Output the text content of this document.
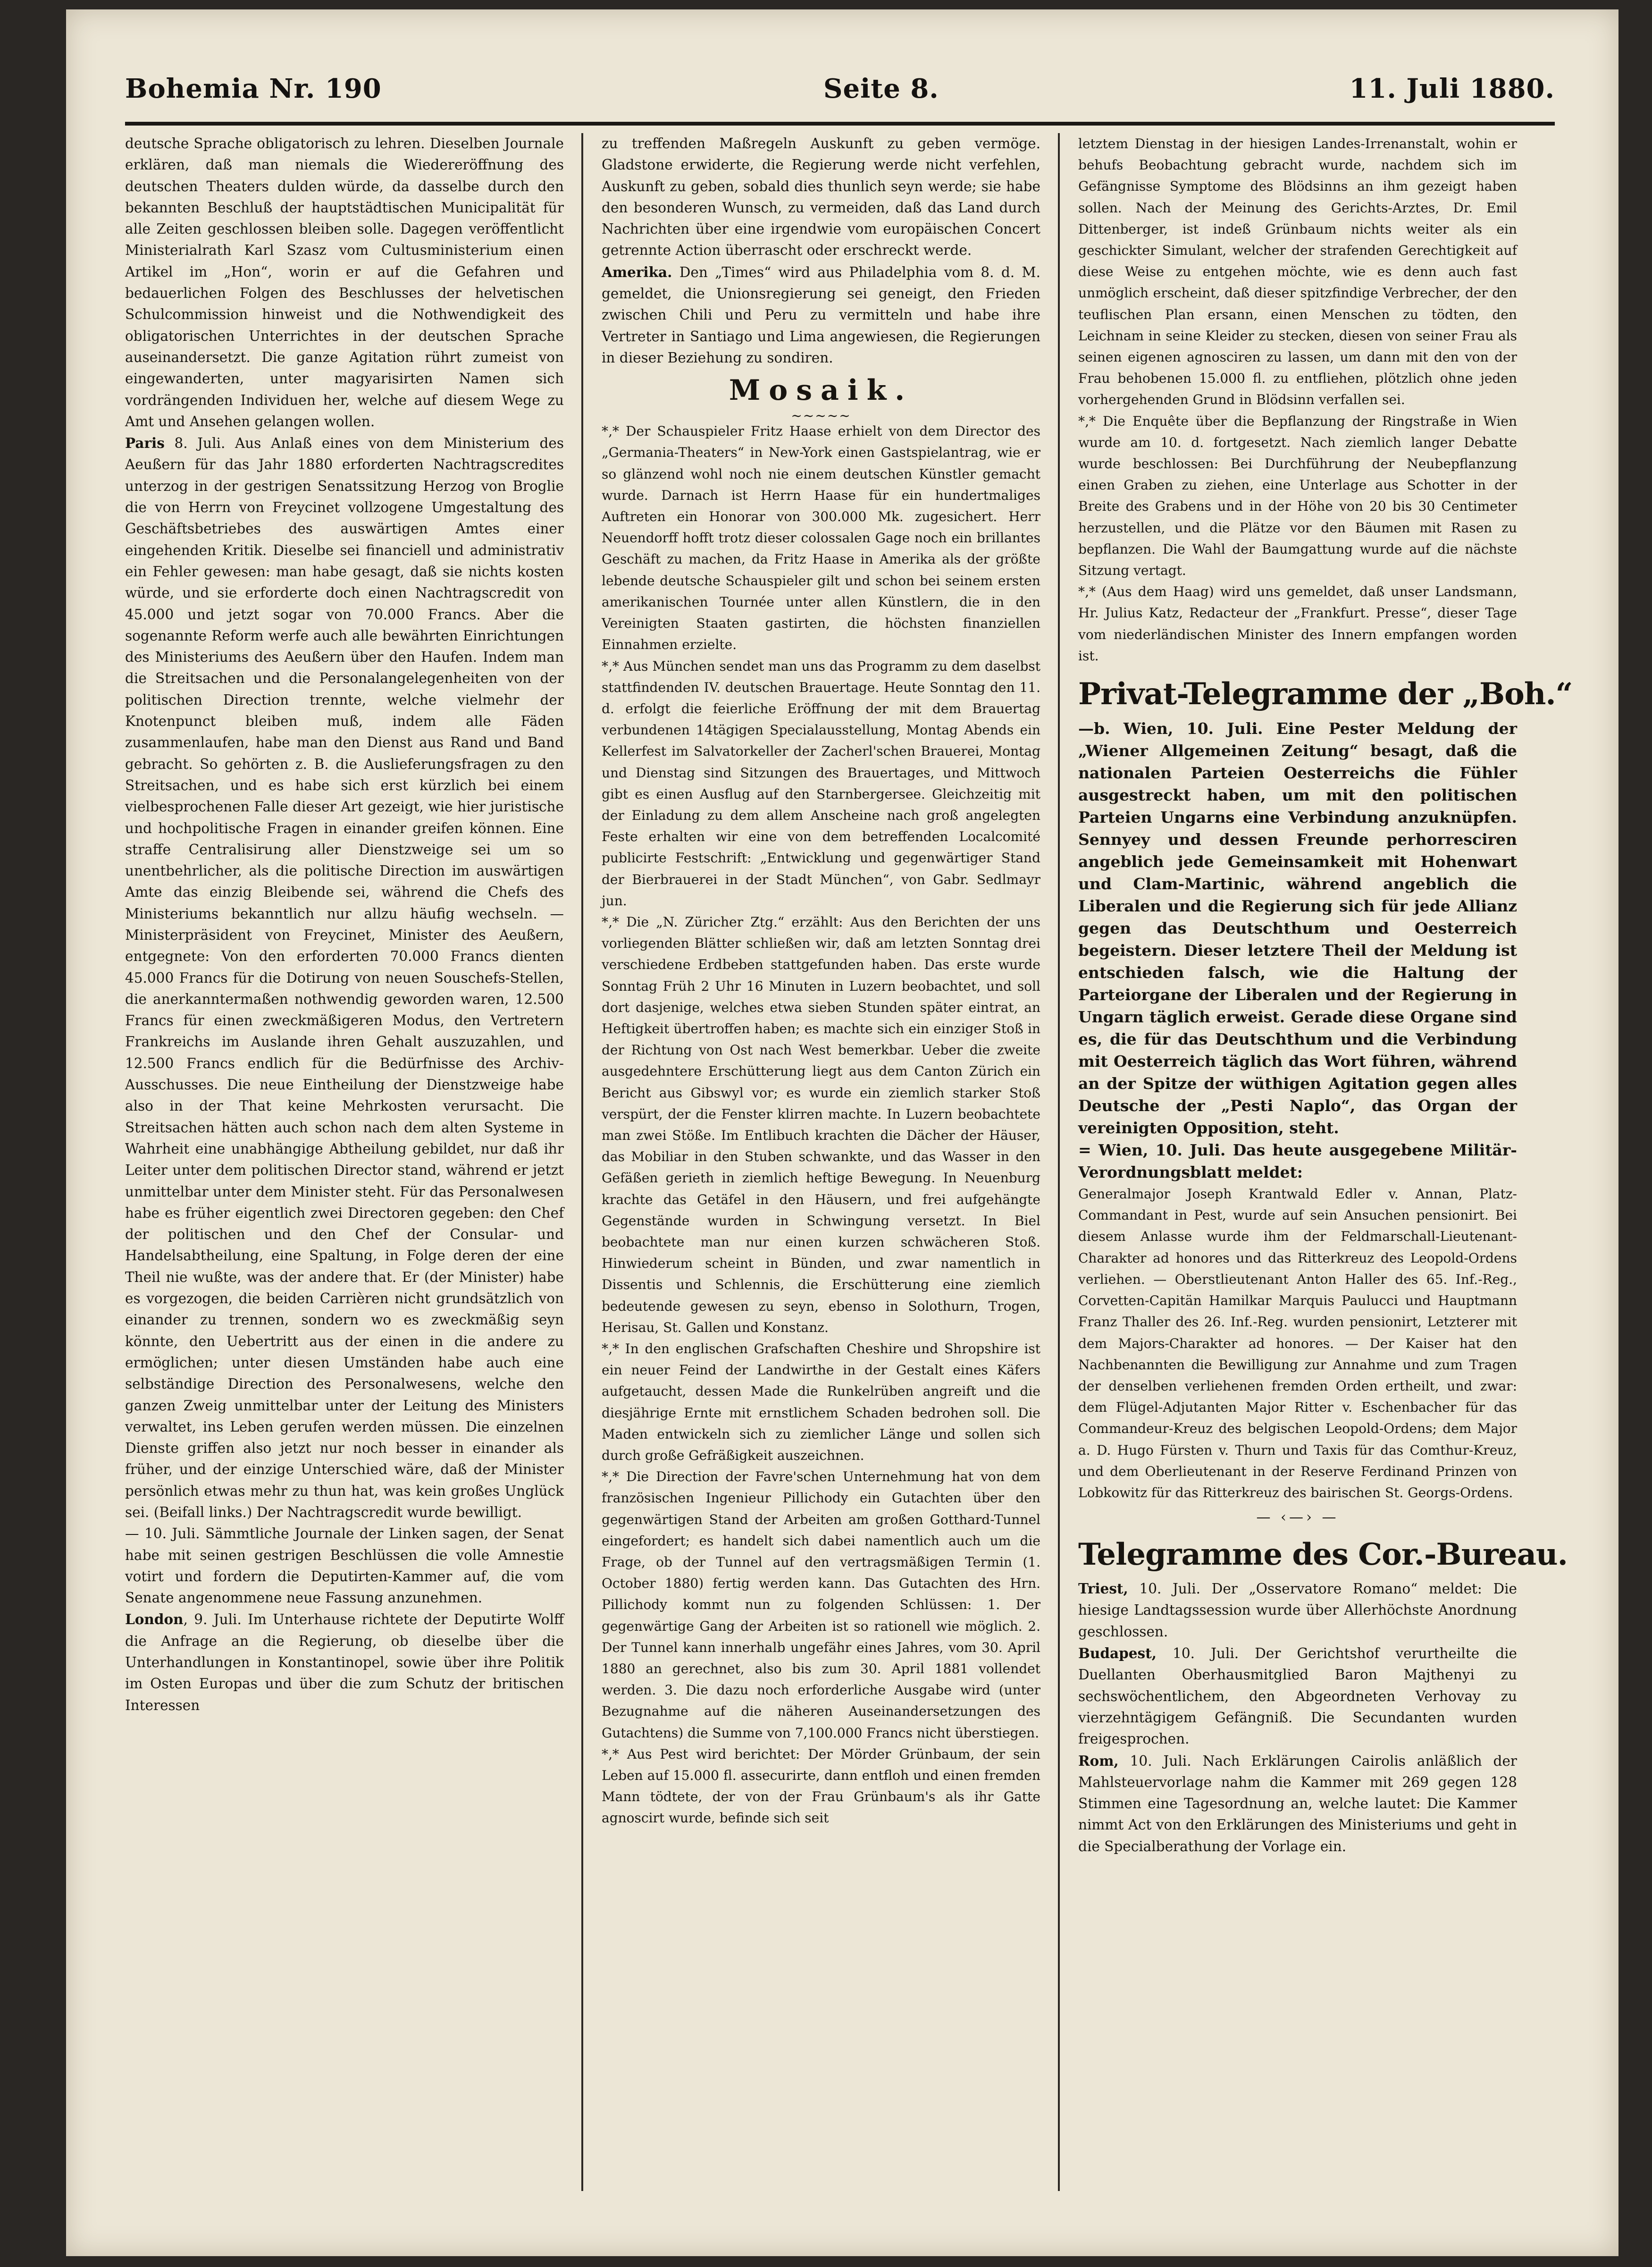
Bohemia Nr. 190	Seite 8.	11. Juli 1880.

deutsche Sprache obligatorisch zu lehren. Dieselben Journale erklären, daß man niemals die Wiedereröffnung des deutschen Theaters dulden würde, da dasselbe durch den bekannten Beschluß der hauptstädtischen Municipalität für alle Zeiten geschlossen bleiben solle. Dagegen veröffentlicht Ministerialrath Karl Szasz vom Cultusministerium einen Artikel im „Hon“, worin er auf die Gefahren und bedauerlichen Folgen des Beschlusses der helvetischen Schulcommission hinweist und die Nothwendigkeit des obligatorischen Unterrichtes in der deutschen Sprache auseinandersetzt. Die ganze Agitation rührt zumeist von eingewanderten, unter magyarisirten Namen sich vordrängenden Individuen her, welche auf diesem Wege zu Amt und Ansehen gelangen wollen.

Paris 8. Juli. Aus Anlaß eines von dem Ministerium des Aeußern für das Jahr 1880 erforderten Nachtragscredites unterzog in der gestrigen Senatssitzung Herzog von Broglie die von Herrn von Freycinet vollzogene Umgestaltung des Geschäftsbetriebes des auswärtigen Amtes einer eingehenden Kritik. Dieselbe sei financiell und administrativ ein Fehler gewesen: man habe gesagt, daß sie nichts kosten würde, und sie erforderte doch einen Nachtragscredit von 45.000 und jetzt sogar von 70.000 Francs. Aber die sogenannte Reform werfe auch alle bewährten Einrichtungen des Ministeriums des Aeußern über den Haufen. Indem man die Streitsachen und die Personalangelegenheiten von der politischen Direction trennte, welche vielmehr der Knotenpunct bleiben muß, indem alle Fäden zusammenlaufen, habe man den Dienst aus Rand und Band gebracht. So gehörten z. B. die Auslieferungsfragen zu den Streitsachen, und es habe sich erst kürzlich bei einem vielbesprochenen Falle dieser Art gezeigt, wie hier juristische und hochpolitische Fragen in einander greifen können. Eine straffe Centralisirung aller Dienstzweige sei um so unentbehrlicher, als die politische Direction im auswärtigen Amte das einzig Bleibende sei, während die Chefs des Ministeriums bekanntlich nur allzu häufig wechseln. — Ministerpräsident von Freycinet, Minister des Aeußern, entgegnete: Von den erforderten 70.000 Francs dienten 45.000 Francs für die Dotirung von neuen Souschefs-Stellen, die anerkanntermaßen nothwendig geworden waren, 12.500 Francs für einen zweckmäßigeren Modus, den Vertretern Frankreichs im Auslande ihren Gehalt auszuzahlen, und 12.500 Francs endlich für die Bedürfnisse des Archiv-Ausschusses. Die neue Eintheilung der Dienstzweige habe also in der That keine Mehrkosten verursacht. Die Streitsachen hätten auch schon nach dem alten Systeme in Wahrheit eine unabhängige Abtheilung gebildet, nur daß ihr Leiter unter dem politischen Director stand, während er jetzt unmittelbar unter dem Minister steht. Für das Personalwesen habe es früher eigentlich zwei Directoren gegeben: den Chef der politischen und den Chef der Consular- und Handelsabtheilung, eine Spaltung, in Folge deren der eine Theil nie wußte, was der andere that. Er (der Minister) habe es vorgezogen, die beiden Carrièren nicht grundsätzlich von einander zu trennen, sondern wo es zweckmäßig seyn könnte, den Uebertritt aus der einen in die andere zu ermöglichen; unter diesen Umständen habe auch eine selbständige Direction des Personalwesens, welche den ganzen Zweig unmittelbar unter der Leitung des Ministers verwaltet, ins Leben gerufen werden müssen. Die einzelnen Dienste griffen also jetzt nur noch besser in einander als früher, und der einzige Unterschied wäre, daß der Minister persönlich etwas mehr zu thun hat, was kein großes Unglück sei. (Beifall links.) Der Nachtragscredit wurde bewilligt.

— 10. Juli. Sämmtliche Journale der Linken sagen, der Senat habe mit seinen gestrigen Beschlüssen die volle Amnestie votirt und fordern die Deputirten-Kammer auf, die vom Senate angenommene neue Fassung anzunehmen.

London, 9. Juli. Im Unterhause richtete der Deputirte Wolff die Anfrage an die Regierung, ob dieselbe über die Unterhandlungen in Konstantinopel, sowie über ihre Politik im Osten Europas und über die zum Schutz der britischen Interessen

zu treffenden Maßregeln Auskunft zu geben vermöge. Gladstone erwiderte, die Regierung werde nicht verfehlen, Auskunft zu geben, sobald dies thunlich seyn werde; sie habe den besonderen Wunsch, zu vermeiden, daß das Land durch Nachrichten über eine irgendwie vom europäischen Concert getrennte Action überrascht oder erschreckt werde.

Amerika. Den „Times“ wird aus Philadelphia vom 8. d. M. gemeldet, die Unionsregierung sei geneigt, den Frieden zwischen Chili und Peru zu vermitteln und habe ihre Vertreter in Santiago und Lima angewiesen, die Regierungen in dieser Beziehung zu sondiren.

Mosaik.
~~~~~

*‚* Der Schauspieler Fritz Haase erhielt von dem Director des „Germania-Theaters“ in New-York einen Gastspielantrag, wie er so glänzend wohl noch nie einem deutschen Künstler gemacht wurde. Darnach ist Herrn Haase für ein hundertmaliges Auftreten ein Honorar von 300.000 Mk. zugesichert. Herr Neuendorff hofft trotz dieser colossalen Gage noch ein brillantes Geschäft zu machen, da Fritz Haase in Amerika als der größte lebende deutsche Schauspieler gilt und schon bei seinem ersten amerikanischen Tournée unter allen Künstlern, die in den Vereinigten Staaten gastirten, die höchsten finanziellen Einnahmen erzielte.

*‚* Aus München sendet man uns das Programm zu dem daselbst stattfindenden IV. deutschen Brauertage. Heute Sonntag den 11. d. erfolgt die feierliche Eröffnung der mit dem Brauertag verbundenen 14tägigen Specialausstellung, Montag Abends ein Kellerfest im Salvatorkeller der Zacherl'schen Brauerei, Montag und Dienstag sind Sitzungen des Brauertages, und Mittwoch gibt es einen Ausflug auf den Starnbergersee. Gleichzeitig mit der Einladung zu dem allem Anscheine nach groß angelegten Feste erhalten wir eine von dem betreffenden Localcomité publicirte Festschrift: „Entwicklung und gegenwärtiger Stand der Bierbrauerei in der Stadt München“, von Gabr. Sedlmayr jun.

*‚* Die „N. Züricher Ztg.“ erzählt: Aus den Berichten der uns vorliegenden Blätter schließen wir, daß am letzten Sonntag drei verschiedene Erdbeben stattgefunden haben. Das erste wurde Sonntag Früh 2 Uhr 16 Minuten in Luzern beobachtet, und soll dort dasjenige, welches etwa sieben Stunden später eintrat, an Heftigkeit übertroffen haben; es machte sich ein einziger Stoß in der Richtung von Ost nach West bemerkbar. Ueber die zweite ausgedehntere Erschütterung liegt aus dem Canton Zürich ein Bericht aus Gibswyl vor; es wurde ein ziemlich starker Stoß verspürt, der die Fenster klirren machte. In Luzern beobachtete man zwei Stöße. Im Entlibuch krachten die Dächer der Häuser, das Mobiliar in den Stuben schwankte, und das Wasser in den Gefäßen gerieth in ziemlich heftige Bewegung. In Neuenburg krachte das Getäfel in den Häusern, und frei aufgehängte Gegenstände wurden in Schwingung versetzt. In Biel beobachtete man nur einen kurzen schwächeren Stoß. Hinwiederum scheint in Bünden, und zwar namentlich in Dissentis und Schlennis, die Erschütterung eine ziemlich bedeutende gewesen zu seyn, ebenso in Solothurn, Trogen, Herisau, St. Gallen und Konstanz.

*‚* In den englischen Grafschaften Cheshire und Shropshire ist ein neuer Feind der Landwirthe in der Gestalt eines Käfers aufgetaucht, dessen Made die Runkelrüben angreift und die diesjährige Ernte mit ernstlichem Schaden bedrohen soll. Die Maden entwickeln sich zu ziemlicher Länge und sollen sich durch große Gefräßigkeit auszeichnen.

*‚* Die Direction der Favre'schen Unternehmung hat von dem französischen Ingenieur Pillichody ein Gutachten über den gegenwärtigen Stand der Arbeiten am großen Gotthard-Tunnel eingefordert; es handelt sich dabei namentlich auch um die Frage, ob der Tunnel auf den vertragsmäßigen Termin (1. October 1880) fertig werden kann. Das Gutachten des Hrn. Pillichody kommt nun zu folgenden Schlüssen: 1. Der gegenwärtige Gang der Arbeiten ist so rationell wie möglich. 2. Der Tunnel kann innerhalb ungefähr eines Jahres, vom 30. April 1880 an gerechnet, also bis zum 30. April 1881 vollendet werden. 3. Die dazu noch erforderliche Ausgabe wird (unter Bezugnahme auf die näheren Auseinandersetzungen des Gutachtens) die Summe von 7,100.000 Francs nicht überstiegen.

*‚* Aus Pest wird berichtet: Der Mörder Grünbaum, der sein Leben auf 15.000 fl. assecurirte, dann entfloh und einen fremden Mann tödtete, der von der Frau Grünbaum's als ihr Gatte agnoscirt wurde, befinde sich seit

letztem Dienstag in der hiesigen Landes-Irrenanstalt, wohin er behufs Beobachtung gebracht wurde, nachdem sich im Gefängnisse Symptome des Blödsinns an ihm gezeigt haben sollen. Nach der Meinung des Gerichts-Arztes, Dr. Emil Dittenberger, ist indeß Grünbaum nichts weiter als ein geschickter Simulant, welcher der strafenden Gerechtigkeit auf diese Weise zu entgehen möchte, wie es denn auch fast unmöglich erscheint, daß dieser spitzfindige Verbrecher, der den teuflischen Plan ersann, einen Menschen zu tödten, den Leichnam in seine Kleider zu stecken, diesen von seiner Frau als seinen eigenen agnosciren zu lassen, um dann mit den von der Frau behobenen 15.000 fl. zu entfliehen, plötzlich ohne jeden vorhergehenden Grund in Blödsinn verfallen sei.

*‚* Die Enquête über die Bepflanzung der Ringstraße in Wien wurde am 10. d. fortgesetzt. Nach ziemlich langer Debatte wurde beschlossen: Bei Durchführung der Neubepflanzung einen Graben zu ziehen, eine Unterlage aus Schotter in der Breite des Grabens und in der Höhe von 20 bis 30 Centimeter herzustellen, und die Plätze vor den Bäumen mit Rasen zu bepflanzen. Die Wahl der Baumgattung wurde auf die nächste Sitzung vertagt.

*‚* (Aus dem Haag) wird uns gemeldet, daß unser Landsmann, Hr. Julius Katz, Redacteur der „Frankfurt. Presse“, dieser Tage vom niederländischen Minister des Innern empfangen worden ist.

Privat-Telegramme der „Boh.“

—b. Wien, 10. Juli. Eine Pester Meldung der „Wiener Allgemeinen Zeitung“ besagt, daß die nationalen Parteien Oesterreichs die Fühler ausgestreckt haben, um mit den politischen Parteien Ungarns eine Verbindung anzuknüpfen. Sennyey und dessen Freunde perhorresciren angeblich jede Gemeinsamkeit mit Hohenwart und Clam-Martinic, während angeblich die Liberalen und die Regierung sich für jede Allianz gegen das Deutschthum und Oesterreich begeistern. Dieser letztere Theil der Meldung ist entschieden falsch, wie die Haltung der Parteiorgane der Liberalen und der Regierung in Ungarn täglich erweist. Gerade diese Organe sind es, die für das Deutschthum und die Verbindung mit Oesterreich täglich das Wort führen, während an der Spitze der wüthigen Agitation gegen alles Deutsche der „Pesti Naplo“, das Organ der vereinigten Opposition, steht.

= Wien, 10. Juli. Das heute ausgegebene Militär-Verordnungsblatt meldet:

Generalmajor Joseph Krantwald Edler v. Annan, Platz-Commandant in Pest, wurde auf sein Ansuchen pensionirt. Bei diesem Anlasse wurde ihm der Feldmarschall-Lieutenant-Charakter ad honores und das Ritterkreuz des Leopold-Ordens verliehen. — Oberstlieutenant Anton Haller des 65. Inf.-Reg., Corvetten-Capitän Hamilkar Marquis Paulucci und Hauptmann Franz Thaller des 26. Inf.-Reg. wurden pensionirt, Letzterer mit dem Majors-Charakter ad honores. — Der Kaiser hat den Nachbenannten die Bewilligung zur Annahme und zum Tragen der denselben verliehenen fremden Orden ertheilt, und zwar: dem Flügel-Adjutanten Major Ritter v. Eschenbacher für das Commandeur-Kreuz des belgischen Leopold-Ordens; dem Major a. D. Hugo Fürsten v. Thurn und Taxis für das Comthur-Kreuz, und dem Oberlieutenant in der Reserve Ferdinand Prinzen von Lobkowitz für das Ritterkreuz des bairischen St. Georgs-Ordens.

— ‹—› —
Telegramme des Cor.-Bureau.

Triest, 10. Juli. Der „Osservatore Romano“ meldet: Die hiesige Landtagssession wurde über Allerhöchste Anordnung geschlossen.

Budapest, 10. Juli. Der Gerichtshof verurtheilte die Duellanten Oberhausmitglied Baron Majthenyi zu sechswöchentlichem, den Abgeordneten Verhovay zu vierzehntägigem Gefängniß. Die Secundanten wurden freigesprochen.

Rom, 10. Juli. Nach Erklärungen Cairolis anläßlich der Mahlsteuervorlage nahm die Kammer mit 269 gegen 128 Stimmen eine Tagesordnung an, welche lautet: Die Kammer nimmt Act von den Erklärungen des Ministeriums und geht in die Specialberathung der Vorlage ein.
